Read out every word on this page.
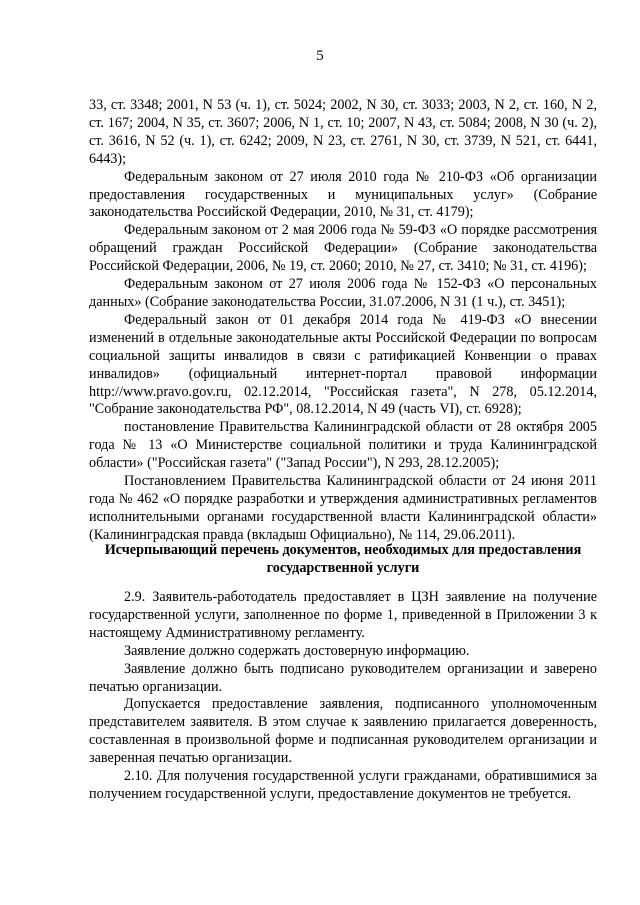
5

33, ст. 3348; 2001, N 53 (ч. 1), ст. 5024; 2002, N 30, ст. 3033; 2003, N 2, ст. 160, N 2, ст. 167; 2004, N 35, ст. 3607; 2006, N 1, ст. 10; 2007, N 43, ст. 5084; 2008, N 30 (ч. 2), ст. 3616, N 52 (ч. 1), ст. 6242; 2009, N 23, ст. 2761, N 30, ст. 3739, N 521, ст. 6441, 6443);

Федеральным законом от 27 июля 2010 года № 210-ФЗ «Об организации предоставления государственных и муниципальных услуг» (Собрание законодательства Российской Федерации, 2010, № 31, ст. 4179);

Федеральным законом от 2 мая 2006 года № 59-ФЗ «О порядке рассмотрения обращений граждан Российской Федерации» (Собрание законодательства Российской Федерации, 2006, № 19, ст. 2060; 2010, № 27, ст. 3410; № 31, ст. 4196);

Федеральным законом от 27 июля 2006 года № 152-ФЗ «О персональных данных» (Собрание законодательства России, 31.07.2006, N 31 (1 ч.), ст. 3451);

Федеральный закон от 01 декабря 2014 года № 419-ФЗ «О внесении изменений в отдельные законодательные акты Российской Федерации по вопросам социальной защиты инвалидов в связи с ратификацией Конвенции о правах инвалидов» (официальный интернет-портал правовой информации http://www.pravo.gov.ru, 02.12.2014, "Российская газета", N 278, 05.12.2014, "Собрание законодательства РФ", 08.12.2014, N 49 (часть VI), ст. 6928);

постановление Правительства Калининградской области от 28 октября 2005 года № 13 «О Министерстве социальной политики и труда Калининградской области» ("Российская газета" ("Запад России"), N 293, 28.12.2005);

Постановлением Правительства Калининградской области от 24 июня 2011 года № 462 «О порядке разработки и утверждения административных регламентов исполнительными органами государственной власти Калининградской области» (Калининградская правда (вкладыш Официально), № 114, 29.06.2011).

Исчерпывающий перечень документов, необходимых для предоставления государственной услуги

2.9. Заявитель-работодатель предоставляет в ЦЗН заявление на получение государственной услуги, заполненное по форме 1, приведенной в Приложении 3 к настоящему Административному регламенту.

Заявление должно содержать достоверную информацию.

Заявление должно быть подписано руководителем организации и заверено печатью организации.

Допускается предоставление заявления, подписанного уполномоченным представителем заявителя. В этом случае к заявлению прилагается доверенность, составленная в произвольной форме и подписанная руководителем организации и заверенная печатью организации.

2.10. Для получения государственной услуги гражданами, обратившимися за получением государственной услуги, предоставление документов не требуется.
